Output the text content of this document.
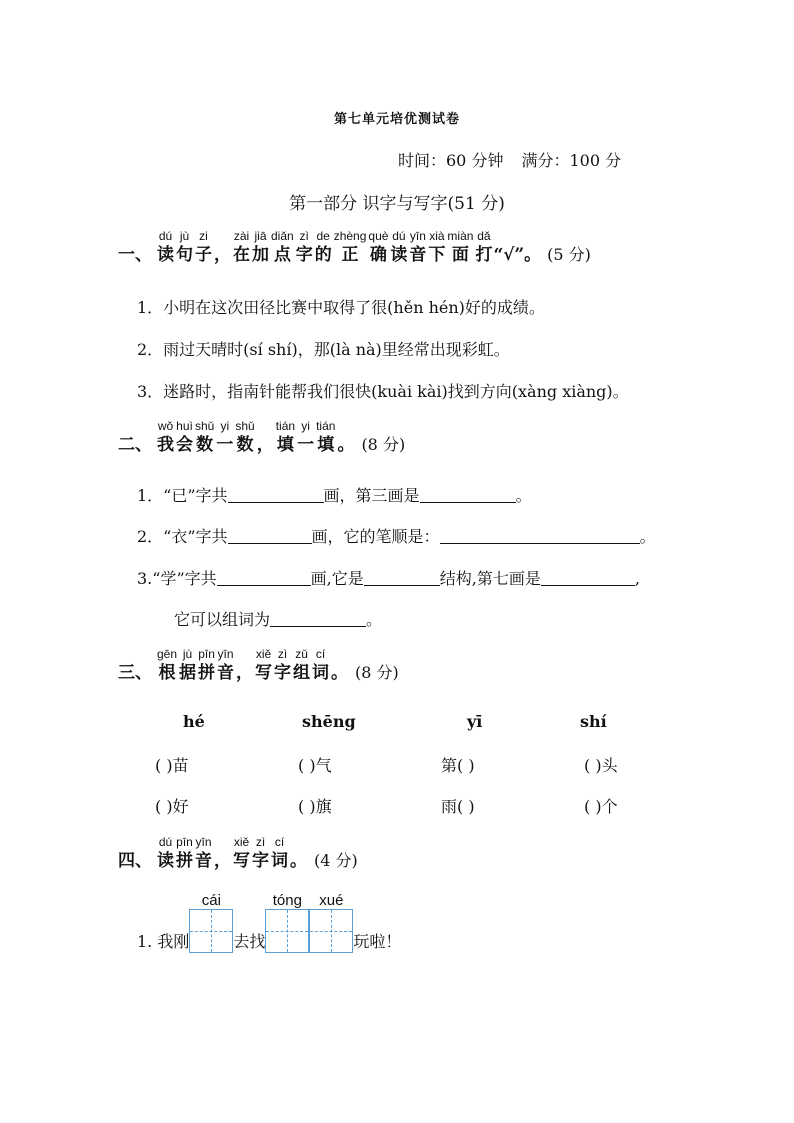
第七单元培优测试卷
时间：60 分钟 满分：100 分
第一部分 识字与写字(51 分)
一、
dú
读
jù
句
zi
子 ，
zài
在
jiā
加
diǎn
点
zì
字
de
的
zhèng
正
què
确
dú
读
yīn
音
xià
下
miàn
面
dǎ
打 “√”。 (5 分)
1．小明在这次田径比赛中取得了很(hěn hén)好的成绩。
2．雨过天晴时(sí shí)，那(là nà)里经常出现彩虹。
3．迷路时，指南针能帮我们很快(kuài kài)找到方向(xàng xiàng)。
二、
wǒ
我
huì
会
shǔ
数
yi
一
shǔ
数 ，
tián
填
yi
一
tián
填 。 (8 分)
1．“已”字共	画，第三画是	。
2．“衣”字共	画，它的笔顺是：	。
3.“学”字共	画,它是	结构,第七画是	,
它可以组词为	。
三、
gēn
根
jù
据
pīn
拼
yīn
音 ，
xiě
写
zì
字
zǔ
组
cí
词 。 (8 分)
hé	shēng	yī	shí
( )苗	( )气	第( )	( )头
( )好	( )旗	雨( )	( )个
四、
dú
读
pīn
拼
yīn
音 ，
xiě
写
zì
字
cí
词 。 (4 分)
1. 我刚
cái
去找
tóng	xué
玩啦！
